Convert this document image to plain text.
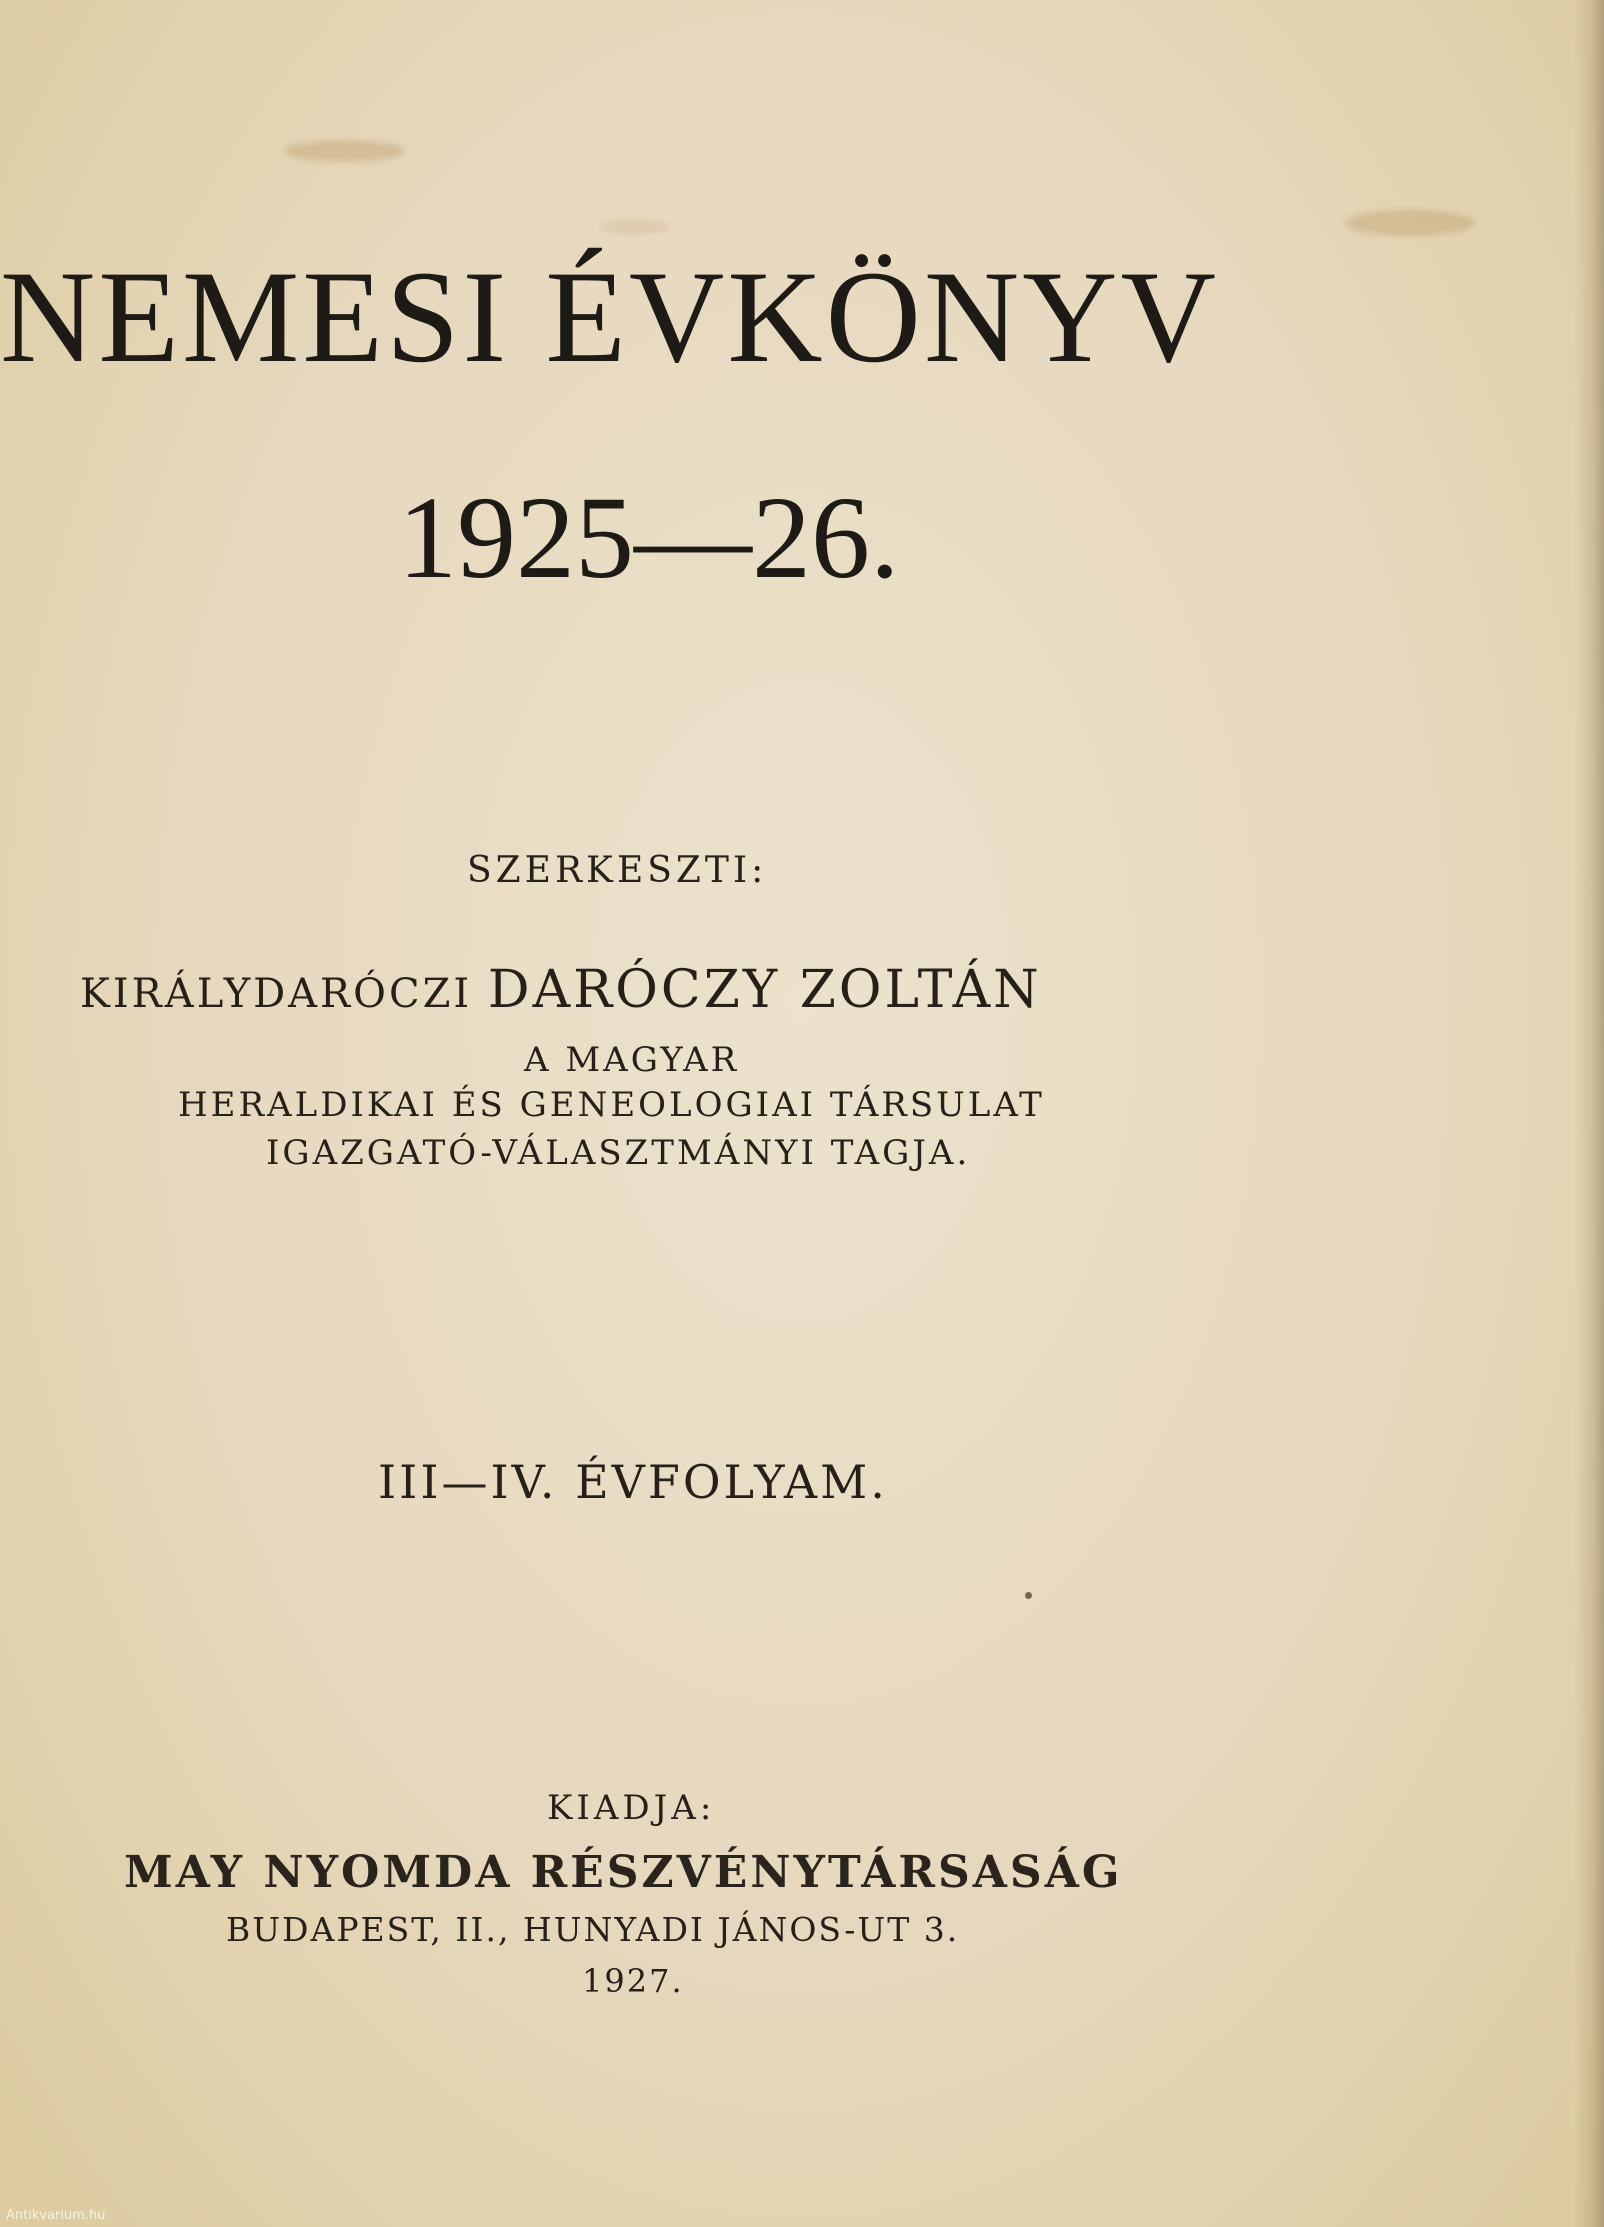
NEMESI ÉVKÖNYV
1925—26.
SZERKESZTI:
KIRÁLYDARÓCZI DARÓCZY ZOLTÁN
A MAGYAR
HERALDIKAI ÉS GENEOLOGIAI TÁRSULAT
IGAZGATÓ-VÁLASZTMÁNYI TAGJA.
III—IV. ÉVFOLYAM.
KIADJA:
MAY NYOMDA RÉSZVÉNYTÁRSASÁG
BUDAPEST, II., HUNYADI JÁNOS-UT 3.
1927.
Antikvarium.hu
